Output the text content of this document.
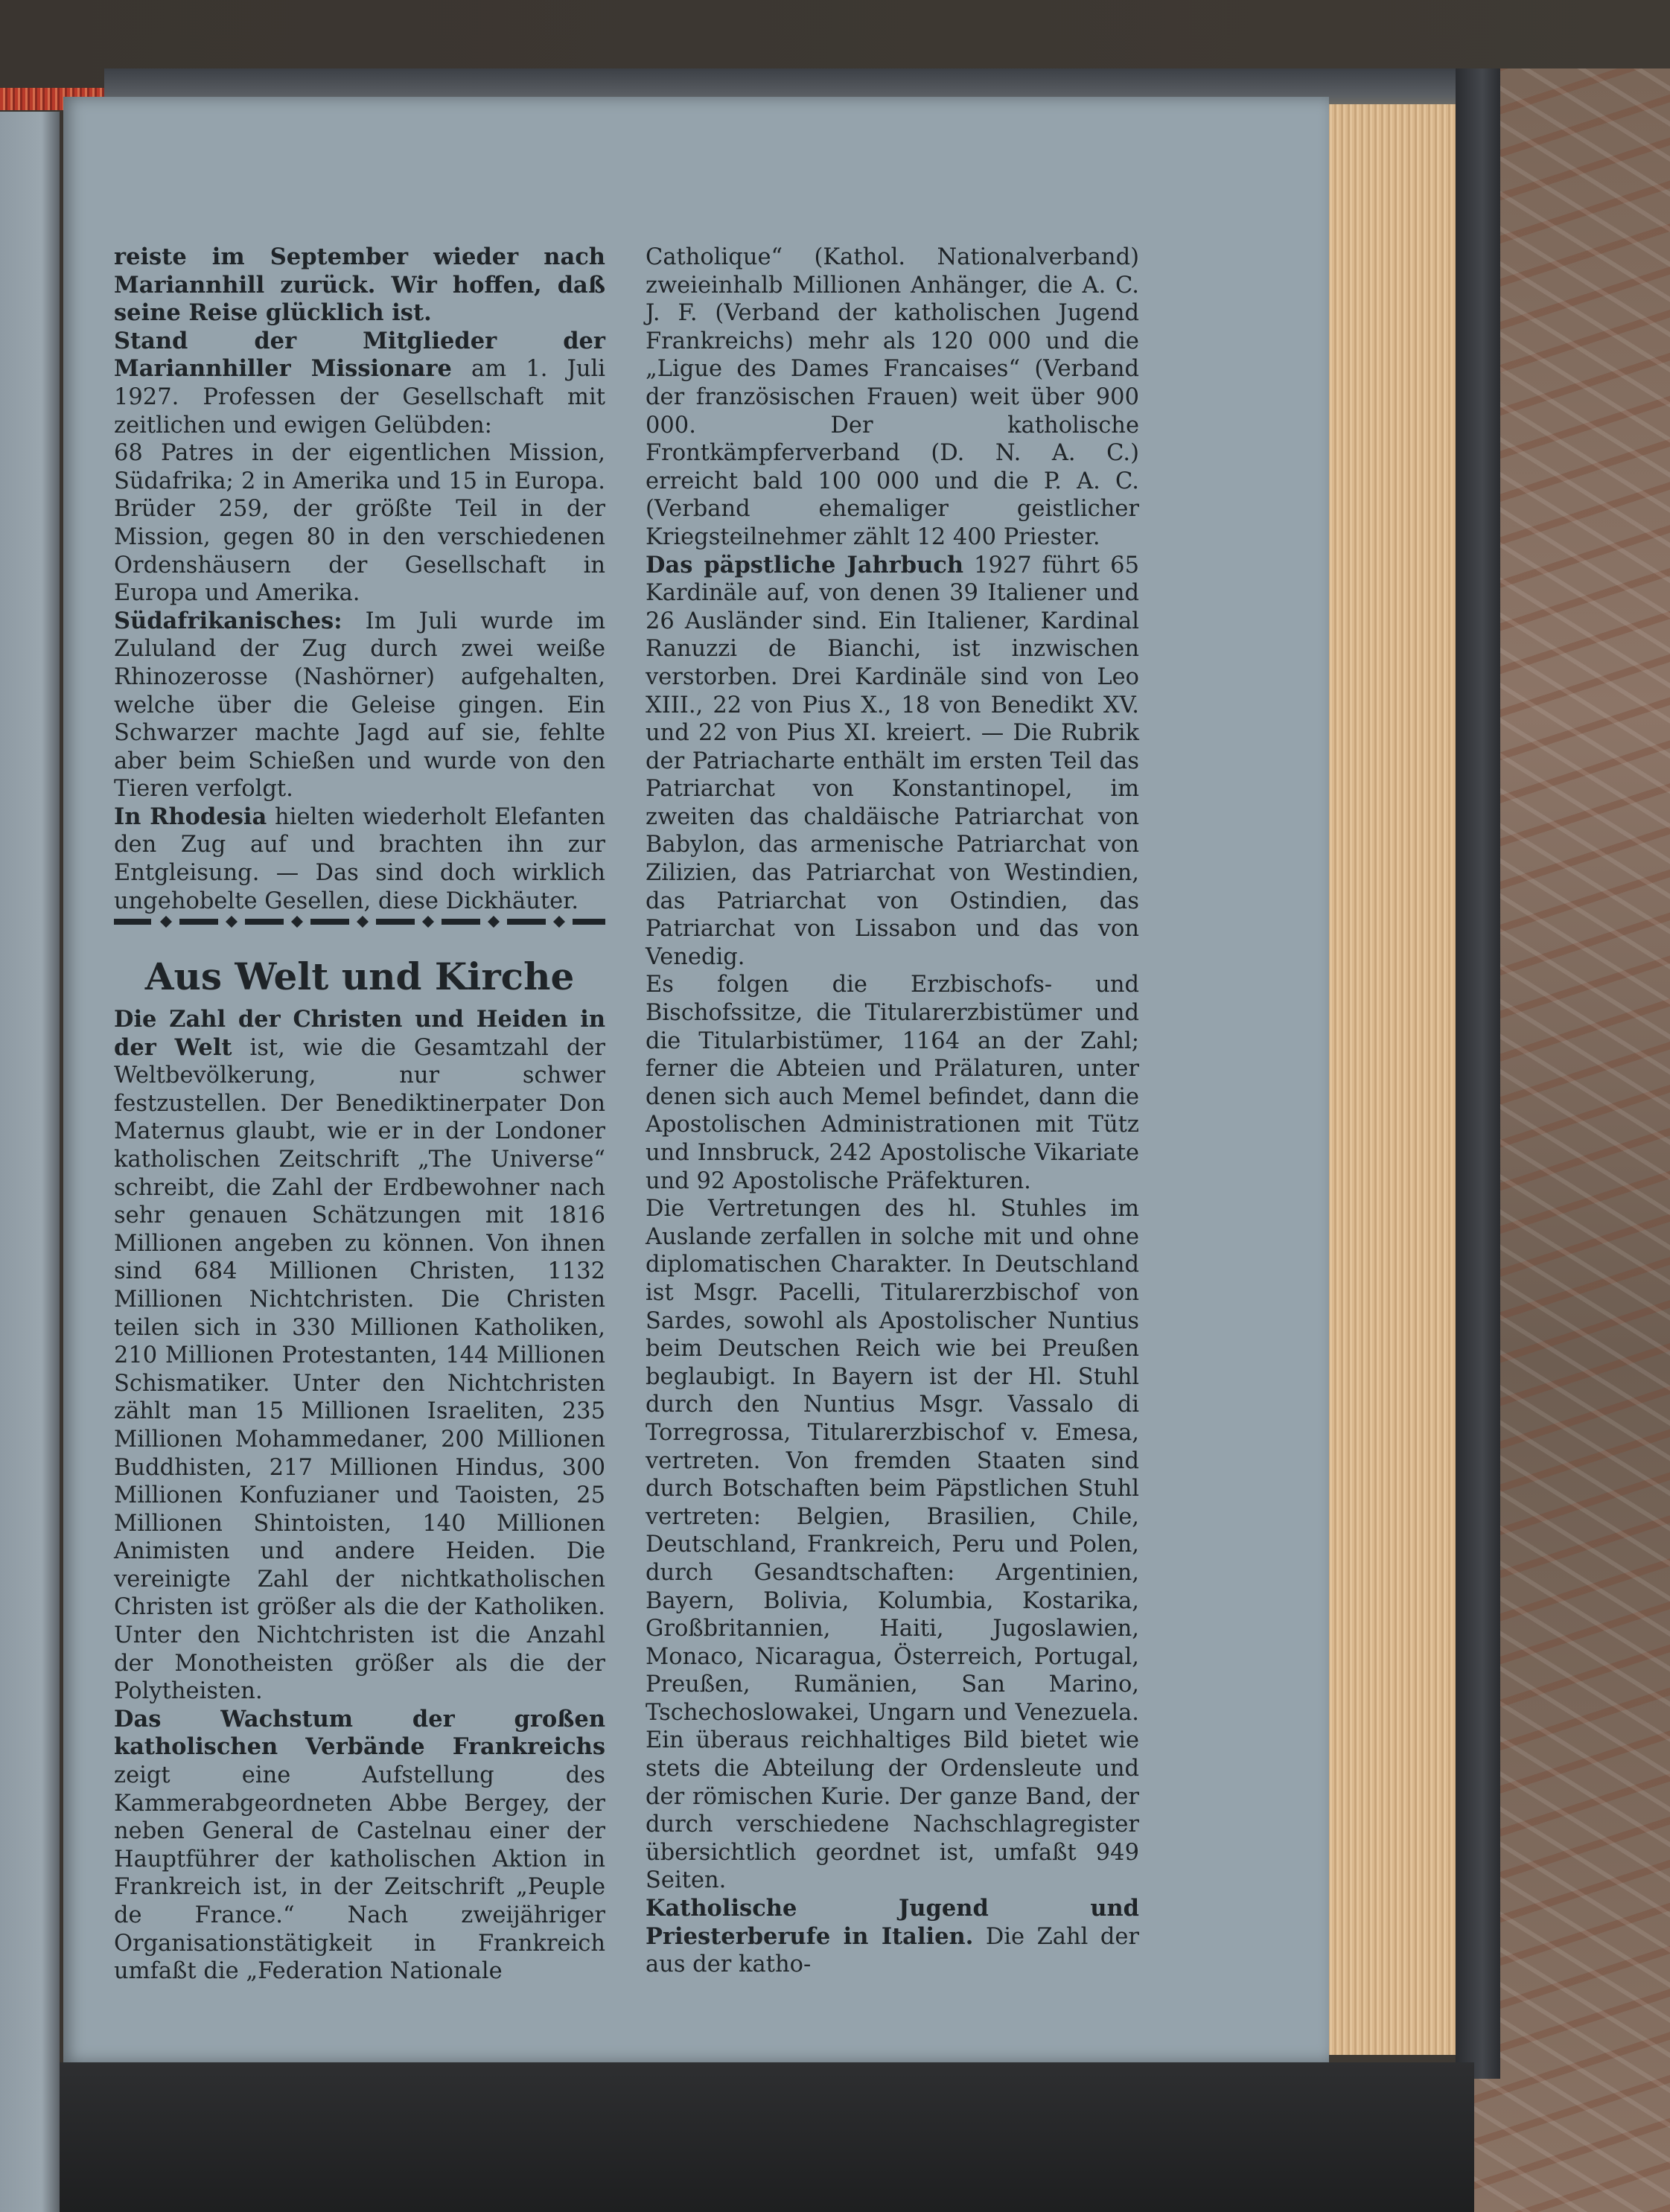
reiste im September wieder nach Mariannhill zurück. Wir hoffen, daß seine Reise glücklich ist.

Stand der Mitglieder der Mariannhiller Missionare am 1. Juli 1927. Professen der Gesellschaft mit zeitlichen und ewigen Gelübden:

68 Patres in der eigentlichen Mission, Südafrika; 2 in Amerika und 15 in Europa. Brüder 259, der größte Teil in der Mission, gegen 80 in den verschiedenen Ordenshäusern der Gesellschaft in Europa und Amerika.

Südafrikanisches: Im Juli wurde im Zululand der Zug durch zwei weiße Rhinozerosse (Nashörner) aufgehalten, welche über die Geleise gingen. Ein Schwarzer machte Jagd auf sie, fehlte aber beim Schießen und wurde von den Tieren verfolgt.

In Rhodesia hielten wiederholt Elefanten den Zug auf und brachten ihn zur Entgleisung. — Das sind doch wirklich ungehobelte Gesellen, diese Dickhäuter.

Aus Welt und Kirche

Die Zahl der Christen und Heiden in der Welt ist, wie die Gesamtzahl der Weltbevölkerung, nur schwer festzustellen. Der Benediktinerpater Don Maternus glaubt, wie er in der Londoner katholischen Zeitschrift „The Universe“ schreibt, die Zahl der Erdbewohner nach sehr genauen Schätzungen mit 1816 Millionen angeben zu können. Von ihnen sind 684 Millionen Christen, 1132 Millionen Nichtchristen. Die Christen teilen sich in 330 Millionen Katholiken, 210 Millionen Protestanten, 144 Millionen Schismatiker. Unter den Nichtchristen zählt man 15 Millionen Israeliten, 235 Millionen Mohammedaner, 200 Millionen Buddhisten, 217 Millionen Hindus, 300 Millionen Konfuzianer und Taoisten, 25 Millionen Shintoisten, 140 Millionen Animisten und andere Heiden. Die vereinigte Zahl der nichtkatholischen Christen ist größer als die der Katholiken. Unter den Nichtchristen ist die Anzahl der Monotheisten größer als die der Polytheisten.

Das Wachstum der großen katholischen Verbände Frankreichs zeigt eine Aufstellung des Kammerabgeordneten Abbe Bergey, der neben General de Castelnau einer der Hauptführer der katholischen Aktion in Frankreich ist, in der Zeitschrift „Peuple de France.“ Nach zweijähriger Organisationstätigkeit in Frankreich umfaßt die „Federation Nationale

Catholique“ (Kathol. Nationalverband) zweieinhalb Millionen Anhänger, die A. C. J. F. (Verband der katholischen Jugend Frankreichs) mehr als 120 000 und die „Ligue des Dames Francaises“ (Verband der französischen Frauen) weit über 900 000. Der katholische Frontkämpferverband (D. N. A. C.) erreicht bald 100 000 und die P. A. C. (Verband ehemaliger geistlicher Kriegsteilnehmer zählt 12 400 Priester.

Das päpstliche Jahrbuch 1927 führt 65 Kardinäle auf, von denen 39 Italiener und 26 Ausländer sind. Ein Italiener, Kardinal Ranuzzi de Bianchi, ist inzwischen verstorben. Drei Kardinäle sind von Leo XIII., 22 von Pius X., 18 von Benedikt XV. und 22 von Pius XI. kreiert. — Die Rubrik der Patriacharte enthält im ersten Teil das Patriarchat von Konstantinopel, im zweiten das chaldäische Patriarchat von Babylon, das armenische Patriarchat von Zilizien, das Patriarchat von Westindien, das Patriarchat von Ostindien, das Patriarchat von Lissabon und das von Venedig.

Es folgen die Erzbischofs- und Bischofssitze, die Titularerzbistümer und die Titularbistümer, 1164 an der Zahl; ferner die Abteien und Prälaturen, unter denen sich auch Memel befindet, dann die Apostolischen Administrationen mit Tütz und Innsbruck, 242 Apostolische Vikariate und 92 Apostolische Präfekturen.

Die Vertretungen des hl. Stuhles im Auslande zerfallen in solche mit und ohne diplomatischen Charakter. In Deutschland ist Msgr. Pacelli, Titularerzbischof von Sardes, sowohl als Apostolischer Nuntius beim Deutschen Reich wie bei Preußen beglaubigt. In Bayern ist der Hl. Stuhl durch den Nuntius Msgr. Vassalo di Torregrossa, Titularerzbischof v. Emesa, vertreten. Von fremden Staaten sind durch Botschaften beim Päpstlichen Stuhl vertreten: Belgien, Brasilien, Chile, Deutschland, Frankreich, Peru und Polen, durch Gesandtschaften: Argentinien, Bayern, Bolivia, Kolumbia, Kostarika, Großbritannien, Haiti, Jugoslawien, Monaco, Nicaragua, Österreich, Portugal, Preußen, Rumänien, San Marino, Tschechoslowakei, Ungarn und Venezuela. Ein überaus reichhaltiges Bild bietet wie stets die Abteilung der Ordensleute und der römischen Kurie. Der ganze Band, der durch verschiedene Nachschlagregister übersichtlich geordnet ist, umfaßt 949 Seiten.

Katholische Jugend und Priesterberufe in Italien. Die Zahl der aus der katho-
